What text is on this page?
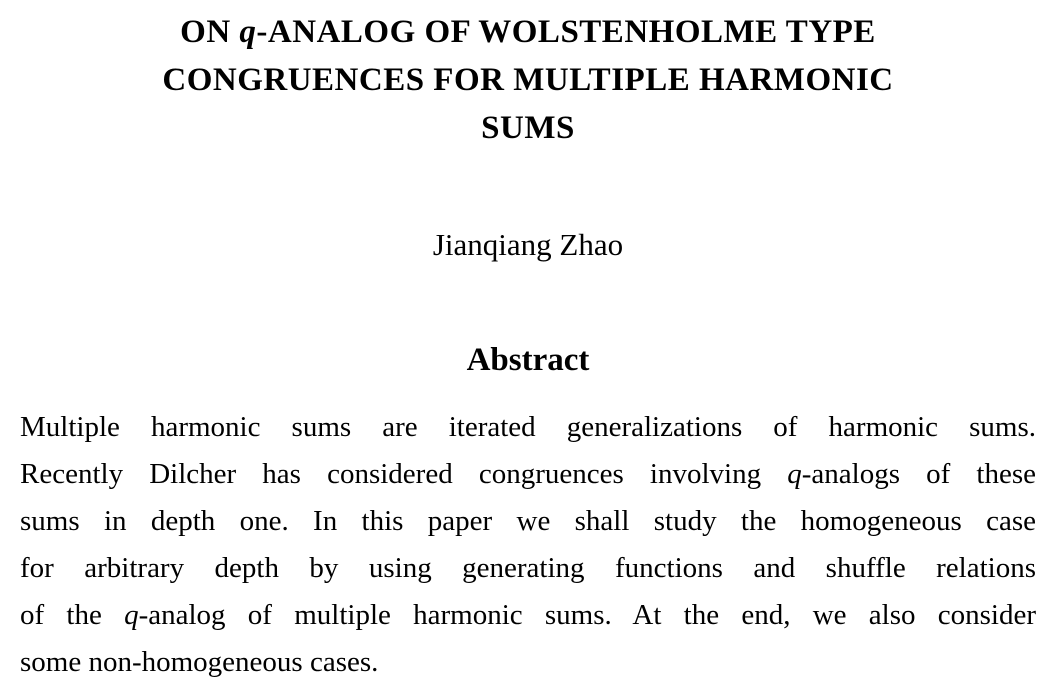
ON q-ANALOG OF WOLSTENHOLME TYPE
CONGRUENCES FOR MULTIPLE HARMONIC
SUMS
Jianqiang Zhao
Abstract
Multiple harmonic sums are iterated generalizations of harmonic sums.
Recently Dilcher has considered congruences involving q-analogs of these
sums in depth one. In this paper we shall study the homogeneous case
for arbitrary depth by using generating functions and shuffle relations
of the q-analog of multiple harmonic sums. At the end, we also consider
some non-homogeneous cases.
